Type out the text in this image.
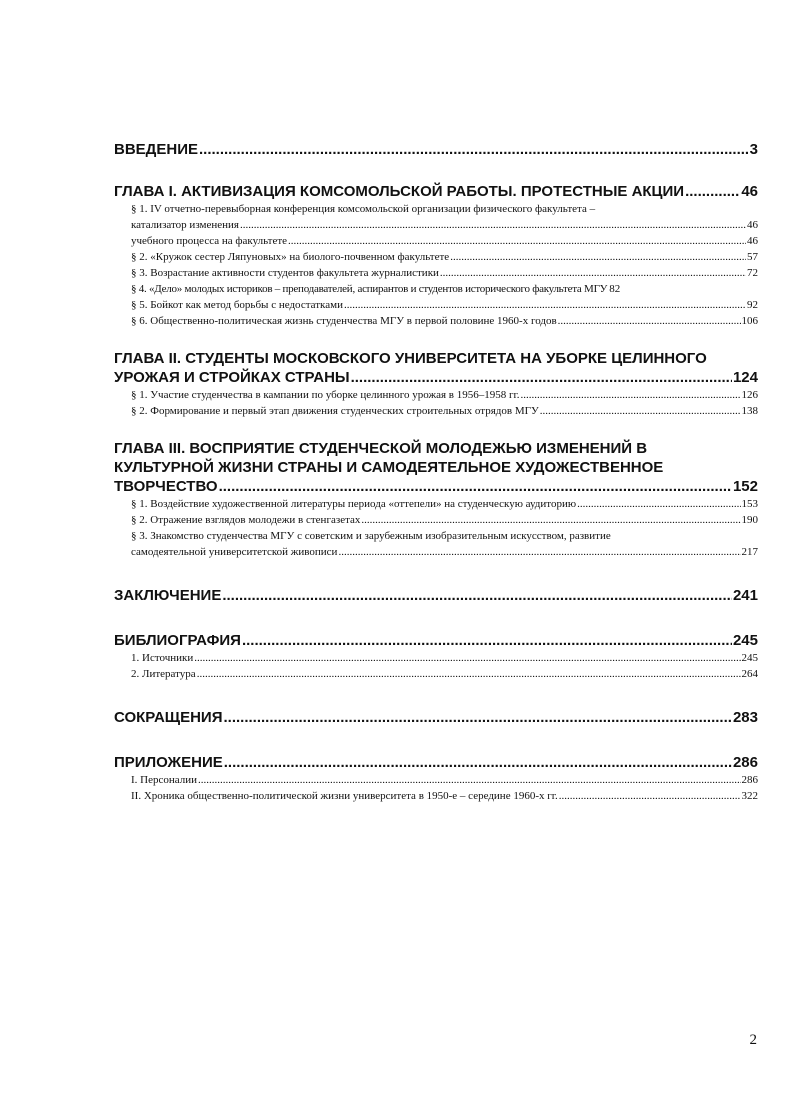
ВВЕДЕНИЕ .....	3
ГЛАВА I. АКТИВИЗАЦИЯ КОМСОМОЛЬСКОЙ РАБОТЫ. ПРОТЕСТНЫЕ АКЦИИ .....	46
§ 1. IV отчетно-перевыборная конференция комсомольской организации физического факультета –
катализатор изменения .....	46
учебного процесса на факультете .....	46
§ 2. «Кружок сестер Ляпуновых» на биолого-почвенном факультете .....	57
§ 3. Возрастание активности студентов факультета журналистики .....	72
§ 4. «Дело» молодых историков – преподавателей, аспирантов и студентов исторического факультета МГУ 82
§ 5. Бойкот как метод борьбы с недостатками .....	92
§ 6. Общественно-политическая жизнь студенчества МГУ в первой половине 1960-х годов .....	106
ГЛАВА II. СТУДЕНТЫ МОСКОВСКОГО УНИВЕРСИТЕТА НА УБОРКЕ ЦЕЛИННОГО
УРОЖАЯ И СТРОЙКАХ СТРАНЫ .....	124
§ 1. Участие студенчества в кампании по уборке целинного урожая в 1956–1958 гг. .....	126
§ 2. Формирование и первый этап движения студенческих строительных отрядов МГУ .....	138
ГЛАВА III. ВОСПРИЯТИЕ СТУДЕНЧЕСКОЙ МОЛОДЕЖЬЮ ИЗМЕНЕНИЙ В
КУЛЬТУРНОЙ ЖИЗНИ СТРАНЫ И САМОДЕЯТЕЛЬНОЕ ХУДОЖЕСТВЕННОЕ
ТВОРЧЕСТВО .....	152
§ 1. Воздействие художественной литературы периода «оттепели» на студенческую аудиторию .....	153
§ 2. Отражение взглядов молодежи в стенгазетах .....	190
§ 3. Знакомство студенчества МГУ с советским и зарубежным изобразительным искусством, развитие
самодеятельной университетской живописи .....	217
ЗАКЛЮЧЕНИЕ .....	241
БИБЛИОГРАФИЯ .....	245
1. Источники .....	245
2. Литература .....	264
СОКРАЩЕНИЯ .....	283
ПРИЛОЖЕНИЕ .....	286
I. Персоналии .....	286
II. Хроника общественно-политической жизни университета в 1950-е – середине 1960-х гг. .....	322
2
